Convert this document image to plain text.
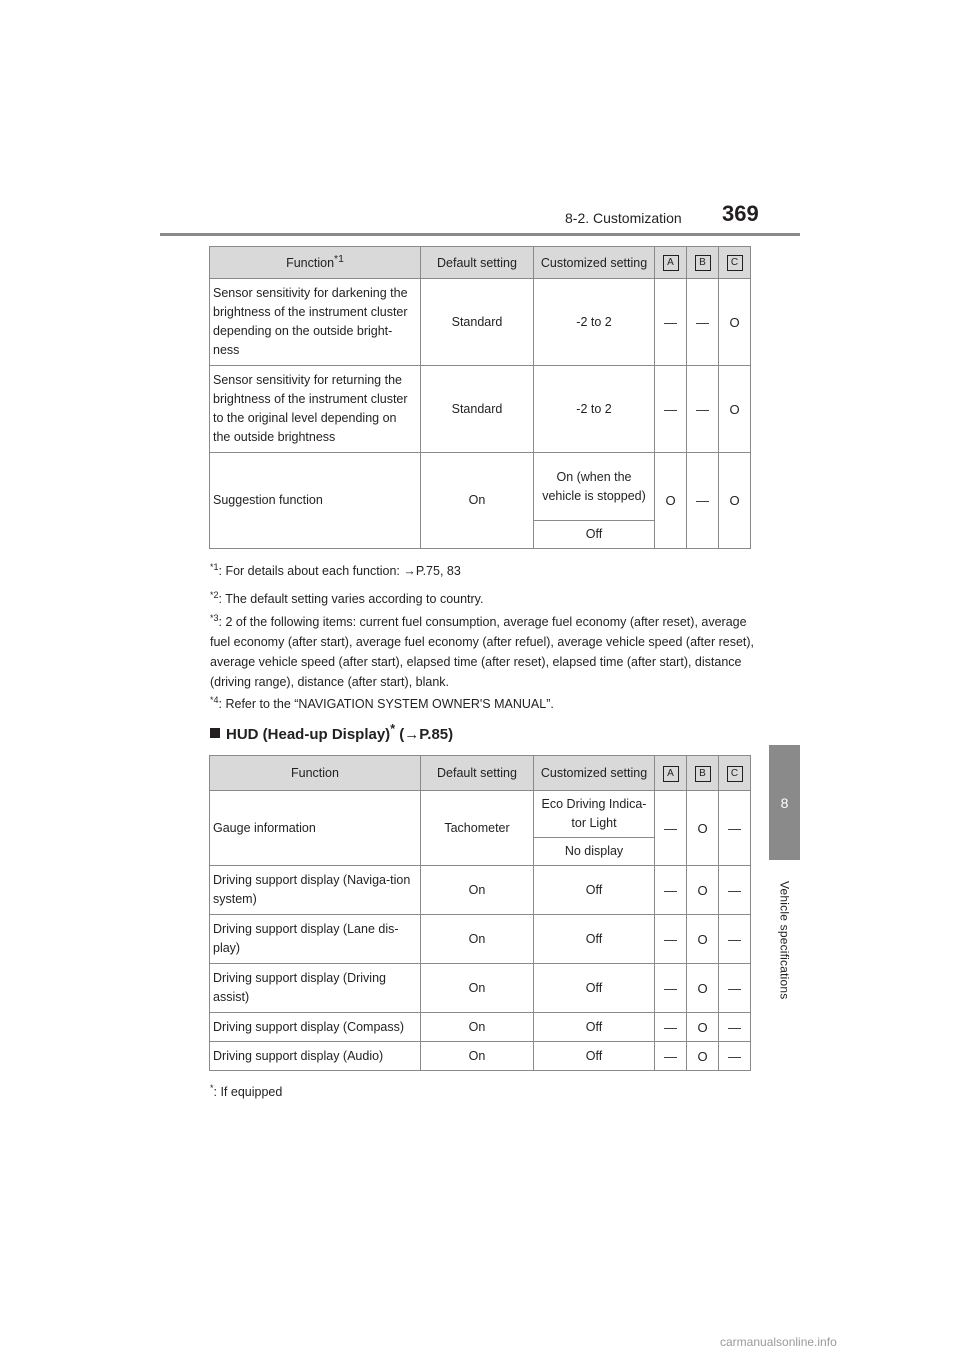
8-2. Customization 369
8
Vehicle specifications
Function$^{*1}$	Default setting	Customized setting	A	B	C
Sensor sensitivity for darkening the brightness of the instrument cluster depending on the outside bright-ness	Standard	-2 to 2	—	—	O
Sensor sensitivity for returning the brightness of the instrument cluster to the original level depending on the outside brightness	Standard	-2 to 2	—	—	O
Suggestion function	On	On (when the vehicle is stopped)	O	—	O
		Off			
$^{*1}$: For details about each function: →P.75, 83
$^{*2}$: The default setting varies according to country.
$^{*3}$: 2 of the following items: current fuel consumption, average fuel economy (after reset), average fuel economy (after start), average fuel economy (after refuel), average vehicle speed (after reset), average vehicle speed (after start), elapsed time (after reset), elapsed time (after start), distance (driving range), distance (after start), blank.
$^{*4}$: Refer to the “NAVIGATION SYSTEM OWNER'S MANUAL”.
HUD (Head-up Display)* (→P.85)
Function	Default setting	Customized setting	A	B	C
Gauge information	Tachometer	Eco Driving Indica-tor Light	—	O	—
		No display			
Driving support display (Naviga-tion system)	On	Off	—	O	—
Driving support display (Lane dis-play)	On	Off	—	O	—
Driving support display (Driving assist)	On	Off	—	O	—
Driving support display (Compass)	On	Off	—	O	—
Driving support display (Audio)	On	Off	—	O	—
*: If equipped
carmanualsonline.info
